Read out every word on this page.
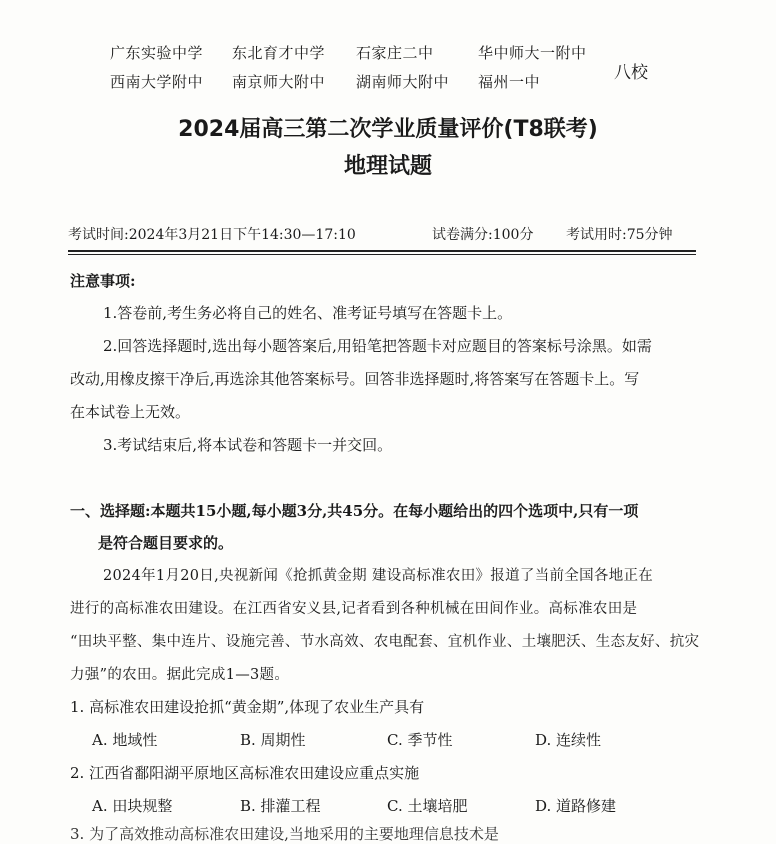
广东实验中学 东北育才中学 石家庄二中	华中师大一附中
西南大学附中 南京师大附中 湖南师大附中 福州一中	八校
2024届高三第二次学业质量评价(T8联考)
地理试题
考试时间:2024年3月21日下午14:30—17:10	试卷满分:100分 考试用时:75分钟
注意事项:
1.答卷前,考生务必将自己的姓名、准考证号填写在答题卡上。
2.回答选择题时,选出每小题答案后,用铅笔把答题卡对应题目的答案标号涂黑。如需
改动,用橡皮擦干净后,再选涂其他答案标号。回答非选择题时,将答案写在答题卡上。写
在本试卷上无效。
3.考试结束后,将本试卷和答题卡一并交回。
一、选择题:本题共15小题,每小题3分,共45分。在每小题给出的四个选项中,只有一项
是符合题目要求的。
2024年1月20日,央视新闻《抢抓黄金期 建设高标准农田》报道了当前全国各地正在
进行的高标准农田建设。在江西省安义县,记者看到各种机械在田间作业。高标准农田是
“田块平整、集中连片、设施完善、节水高效、农电配套、宜机作业、土壤肥沃、生态友好、抗灾
力强”的农田。据此完成1—3题。
1. 高标准农田建设抢抓“黄金期”,体现了农业生产具有
A. 地域性	B. 周期性	C. 季节性	D. 连续性
2. 江西省鄱阳湖平原地区高标准农田建设应重点实施
A. 田块规整	B. 排灌工程	C. 土壤培肥	D. 道路修建
3. 为了高效推动高标准农田建设,当地采用的主要地理信息技术是
